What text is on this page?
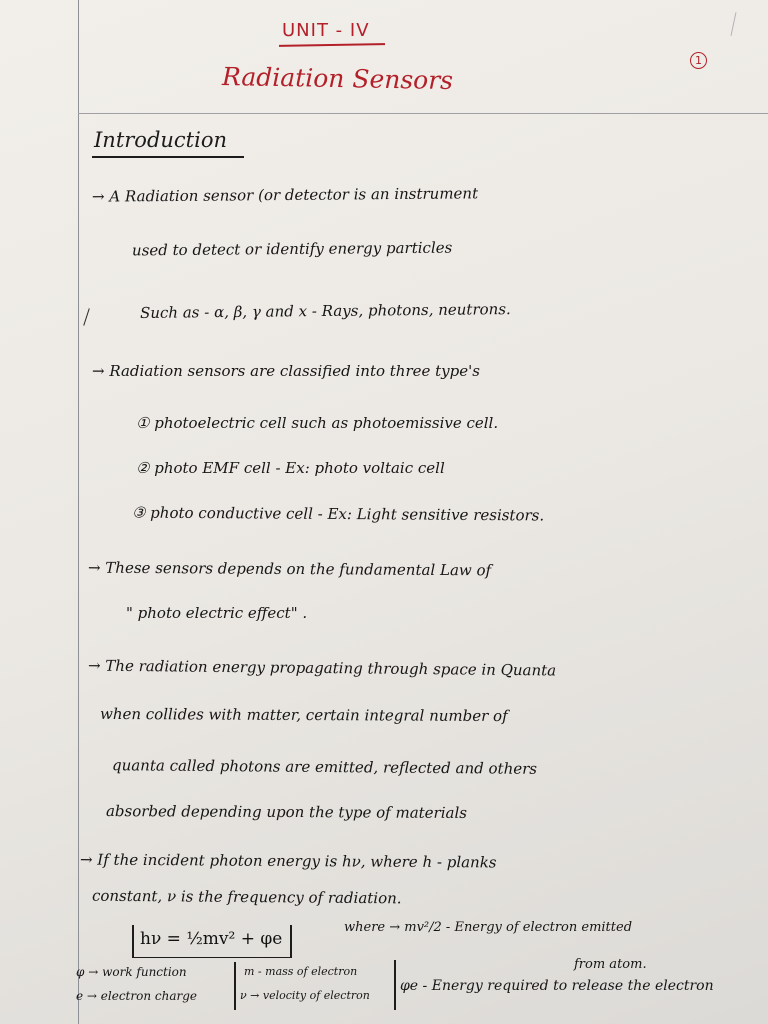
UNIT - IV
Radiation Sensors
1
Introduction
→ A Radiation sensor (or detector is an instrument
used to detect or identify energy particles
Such as - α, β, γ and x - Rays, photons, neutrons.
→ Radiation sensors are classified into three type's
① photoelectric cell such as photoemissive cell.
② photo EMF cell - Ex: photo voltaic cell
③ photo conductive cell - Ex: Light sensitive resistors.
→ These sensors depends on the fundamental Law of
" photo electric effect" .
→ The radiation energy propagating through space in Quanta
when collides with matter, certain integral number of
quanta called photons are emitted, reflected and others
absorbed depending upon the type of materials
→ If the incident photon energy is hν, where h - planks
constant, ν is the frequency of radiation.
hν = ½mv² + φe
where → mv²/2 - Energy of electron emitted
from atom.
φ → work function
e → electron charge
m - mass of electron
ν → velocity of electron
φe - Energy required to release the electron
